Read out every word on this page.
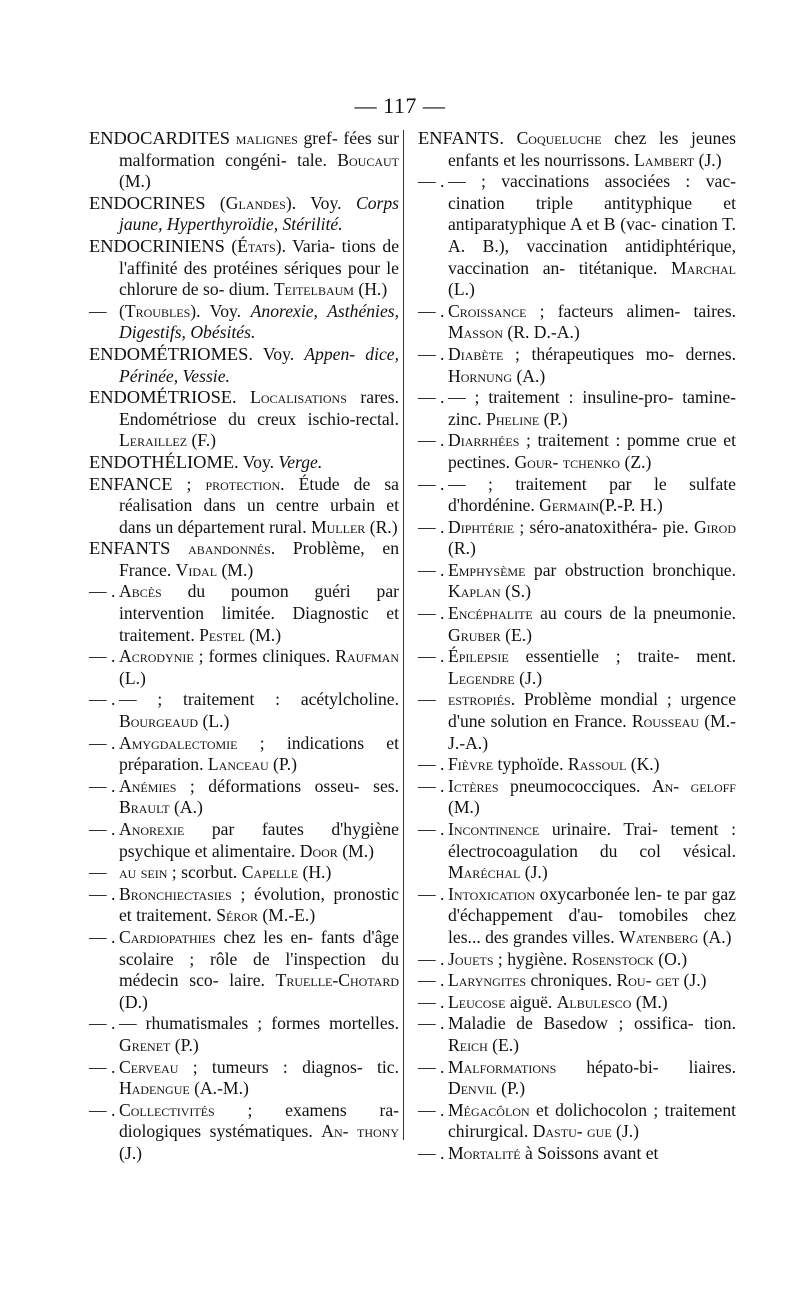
— 117 —
ENDOCARDITES malignes gref- fées sur malformation congéni- tale. Boucaut (M.)
ENDOCRINES (Glandes). Voy. Corps jaune, Hyperthyroïdie, Stérilité.
ENDOCRINIENS (États). Varia- tions de l'affinité des protéines sériques pour le chlorure de so- dium. Teitelbaum (H.)
— (Troubles). Voy. Anorexie, Asthénies, Digestifs, Obésités.
ENDOMÉTRIOMES. Voy. Appen- dice, Périnée, Vessie.
ENDOMÉTRIOSE. Localisations rares. Endométriose du creux ischio-rectal. Leraillez (F.)
ENDOTHÉLIOME. Voy. Verge.
ENFANCE ; protection. Étude de sa réalisation dans un centre urbain et dans un département rural. Muller (R.)
ENFANTS abandonnés. Problème, en France. Vidal (M.)
— . Abcès du poumon guéri par intervention limitée. Diagnostic et traitement. Pestel (M.)
— . Acrodynie ; formes cliniques. Raufman (L.)
— . — ; traitement : acétylcholine. Bourgeaud (L.)
— . Amygdalectomie ; indications et préparation. Lanceau (P.)
— . Anémies ; déformations osseu- ses. Brault (A.)
— . Anorexie par fautes d'hygiène psychique et alimentaire. Door (M.)
— au sein ; scorbut. Capelle (H.)
— . Bronchiectasies ; évolution, pronostic et traitement. Séror (M.-E.)
— . Cardiopathies chez les en- fants d'âge scolaire ; rôle de l'inspection du médecin sco- laire. Truelle-Chotard (D.)
— . — rhumatismales ; formes mortelles. Grenet (P.)
— . Cerveau ; tumeurs : diagnos- tic. Hadengue (A.-M.)
— . Collectivités ; examens ra- diologiques systématiques. An- thony (J.)
ENFANTS. Coqueluche chez les jeunes enfants et les nourrissons. Lambert (J.)
— . — ; vaccinations associées : vac- cination triple antityphique et antiparatyphique A et B (vac- cination T. A. B.), vaccination antidiphtérique, vaccination an- titétanique. Marchal (L.)
— . Croissance ; facteurs alimen- taires. Masson (R. D.-A.)
— . Diabète ; thérapeutiques mo- dernes. Hornung (A.)
— . — ; traitement : insuline-pro- tamine-zinc. Pheline (P.)
— . Diarrhées ; traitement : pomme crue et pectines. Gour- tchenko (Z.)
— . — ; traitement par le sulfate d'hordénine. Germain(P.-P. H.)
— . Diphtérie ; séro-anatoxithéra- pie. Girod (R.)
— . Emphysème par obstruction bronchique. Kaplan (S.)
— . Encéphalite au cours de la pneumonie. Gruber (E.)
— . Épilepsie essentielle ; traite- ment. Legendre (J.)
— estropiés. Problème mondial ; urgence d'une solution en France. Rousseau (M.-J.-A.)
— . Fièvre typhoïde. Rassoul (K.)
— . Ictères pneumococciques. An- geloff (M.)
— . Incontinence urinaire. Trai- tement : électrocoagulation du col vésical. Maréchal (J.)
— . Intoxication oxycarbonée len- te par gaz d'échappement d'au- tomobiles chez les... des grandes villes. Watenberg (A.)
— . Jouets ; hygiène. Rosenstock (O.)
— . Laryngites chroniques. Rou- get (J.)
— . Leucose aiguë. Albulesco (M.)
— . Maladie de Basedow ; ossifica- tion. Reich (E.)
— . Malformations hépato-bi- liaires. Denvil (P.)
— . Mégacôlon et dolichocolon ; traitement chirurgical. Dastu- gue (J.)
— . Mortalité à Soissons avant et
